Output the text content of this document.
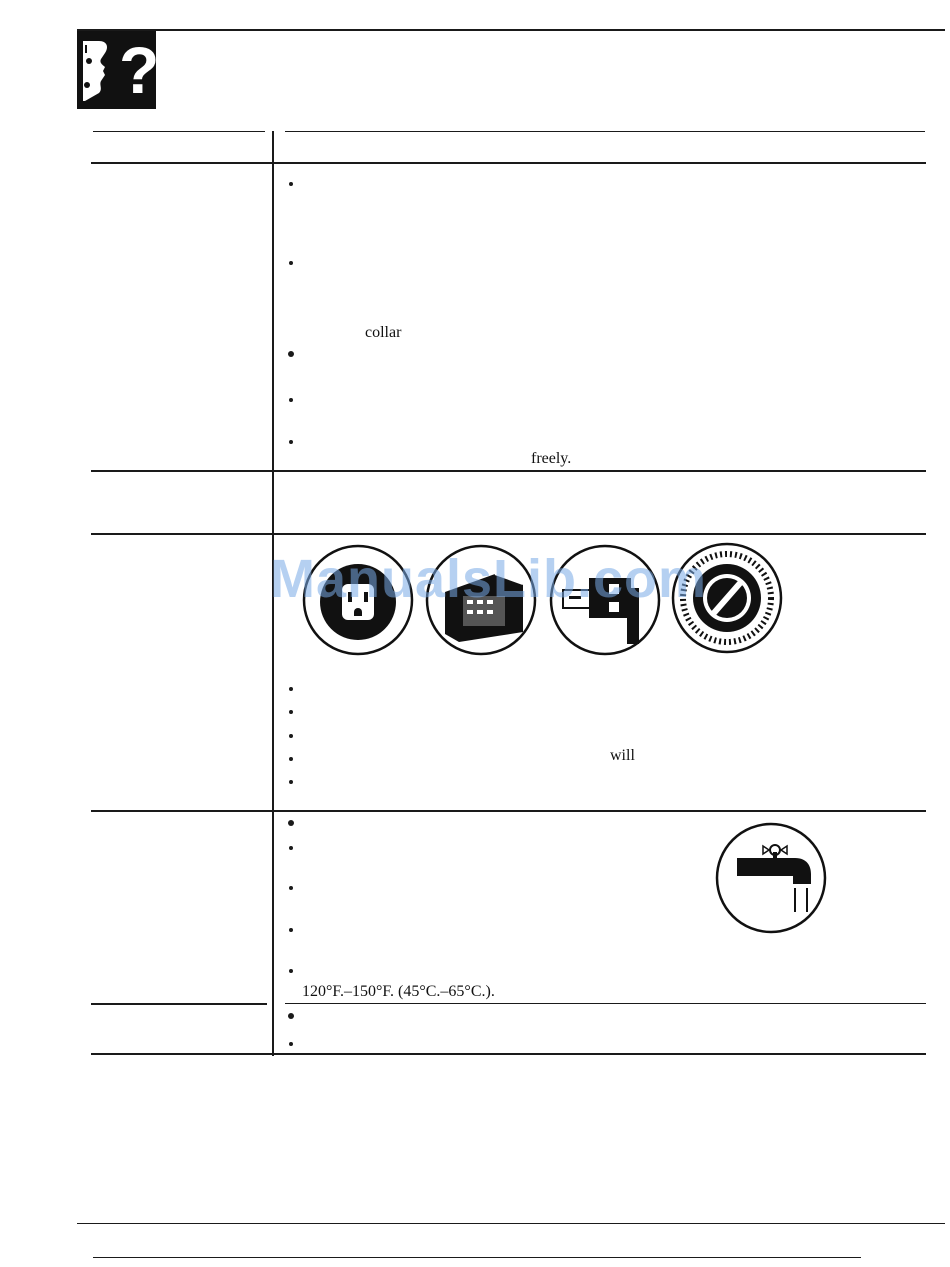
?
collar
freely.
ManualsLib.com
will
120°F.–150°F. (45°C.–65°C.).
